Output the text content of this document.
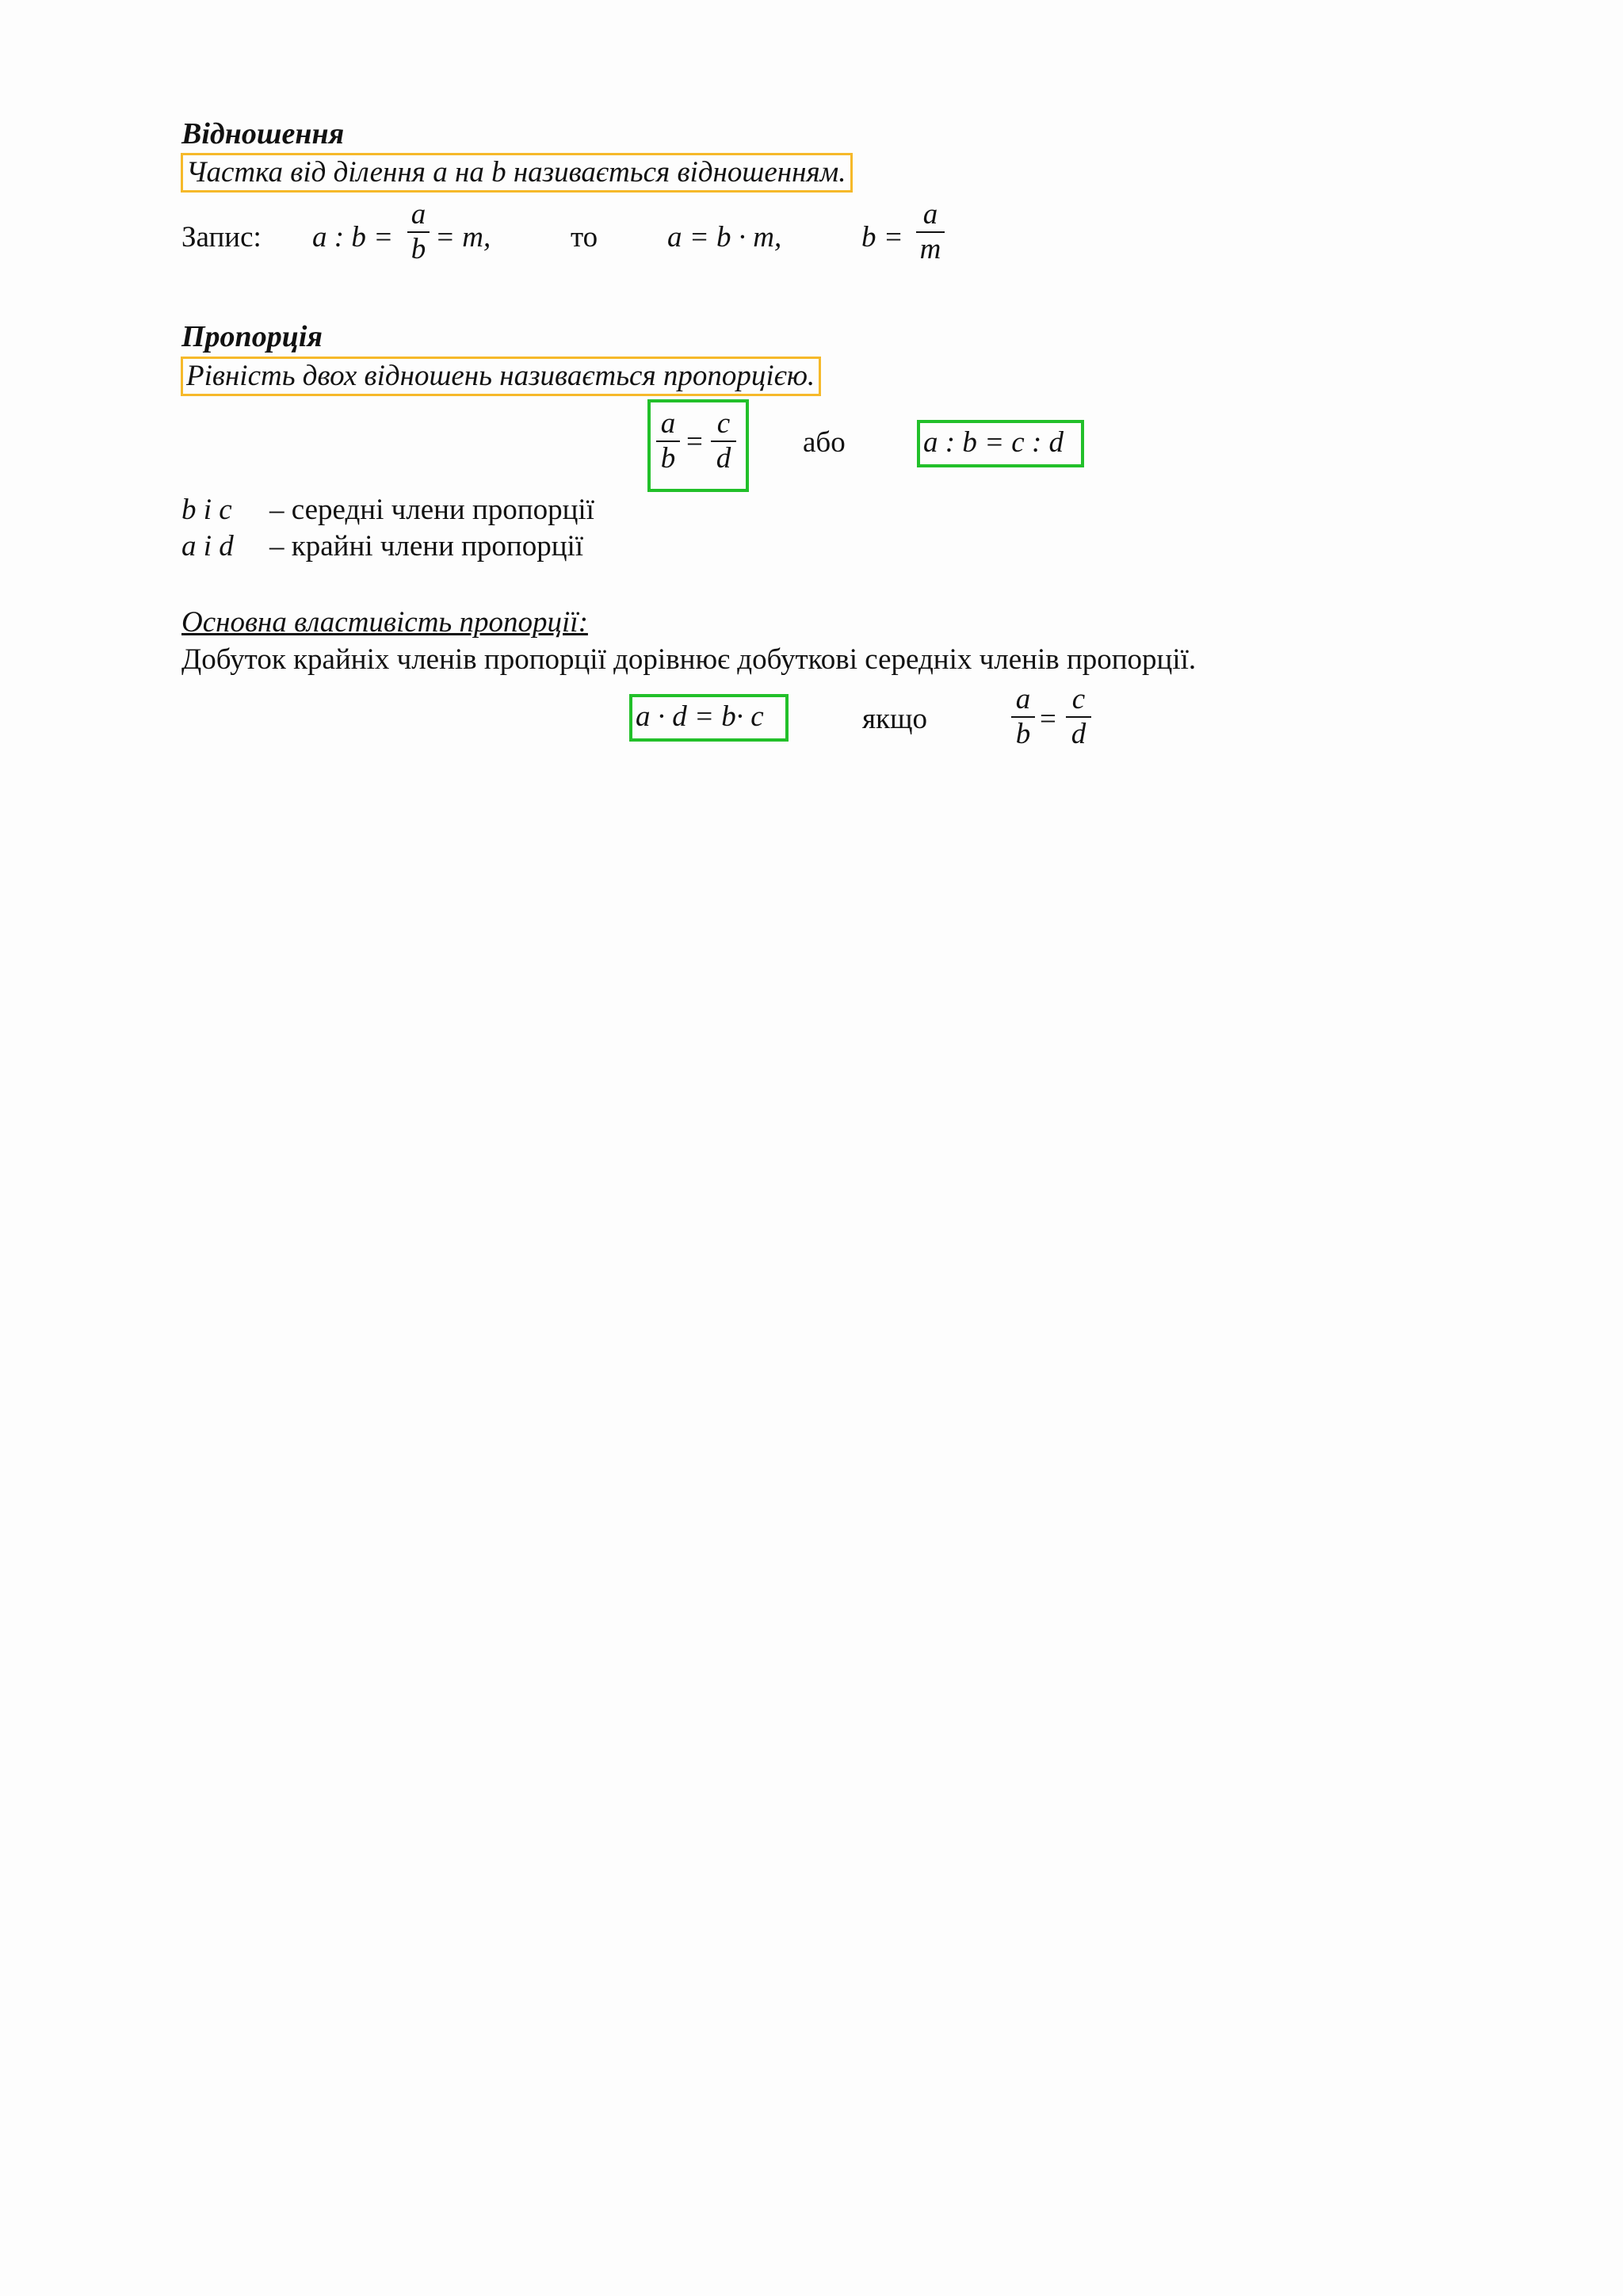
Відношення
Частка від ділення a на b називається відношенням.
Запис: a : b =
a
b = m,	то a = b · m,	b =
a
m
Пропорція
Рівність двох відношень називається пропорцією.
a
b
=
c
d або	a : b = c : d
b і c – середні члени пропорції
a і d – крайні члени пропорції
Основна властивість пропорції:
Добуток крайніх членів пропорції дорівнює добуткові середніх членів пропорції.
a · d = b· c	якщо
a
b =
c
d
